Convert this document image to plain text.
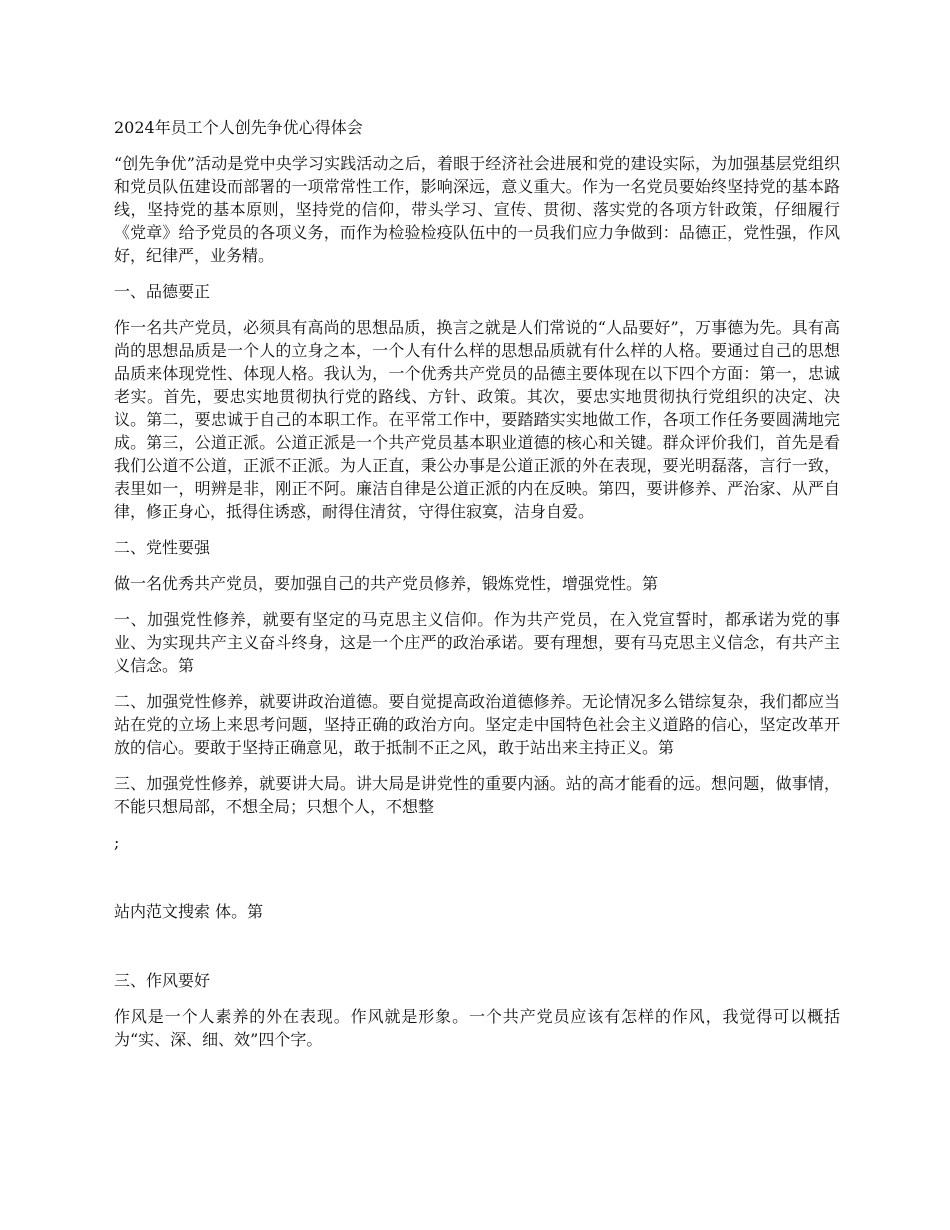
2024年员工个人创先争优心得体会

“创先争优”活动是党中央学习实践活动之后，着眼于经济社会进展和党的建设实际，为加强基层党组织和党员队伍建设而部署的一项常常性工作，影响深远，意义重大。作为一名党员要始终坚持党的基本路线，坚持党的基本原则，坚持党的信仰，带头学习、宣传、贯彻、落实党的各项方针政策，仔细履行《党章》给予党员的各项义务，而作为检验检疫队伍中的一员我们应力争做到：品德正，党性强，作风好，纪律严，业务精。

一、品德要正

作一名共产党员，必须具有高尚的思想品质，换言之就是人们常说的“人品要好”，万事德为先。具有高尚的思想品质是一个人的立身之本，一个人有什么样的思想品质就有什么样的人格。要通过自己的思想品质来体现党性、体现人格。我认为，一个优秀共产党员的品德主要体现在以下四个方面：第一，忠诚老实。首先，要忠实地贯彻执行党的路线、方针、政策。其次，要忠实地贯彻执行党组织的决定、决议。第二，要忠诚于自己的本职工作。在平常工作中，要踏踏实实地做工作，各项工作任务要圆满地完成。第三，公道正派。公道正派是一个共产党员基本职业道德的核心和关键。群众评价我们，首先是看我们公道不公道，正派不正派。为人正直，秉公办事是公道正派的外在表现，要光明磊落，言行一致，表里如一，明辨是非，刚正不阿。廉洁自律是公道正派的内在反映。第四，要讲修养、严治家、从严自律，修正身心，抵得住诱惑，耐得住清贫，守得住寂寞，洁身自爱。

二、党性要强

做一名优秀共产党员，要加强自己的共产党员修养，锻炼党性，增强党性。第

一、加强党性修养，就要有坚定的马克思主义信仰。作为共产党员，在入党宣誓时，都承诺为党的事业、为实现共产主义奋斗终身，这是一个庄严的政治承诺。要有理想，要有马克思主义信念，有共产主义信念。第

二、加强党性修养，就要讲政治道德。要自觉提高政治道德修养。无论情况多么错综复杂，我们都应当站在党的立场上来思考问题，坚持正确的政治方向。坚定走中国特色社会主义道路的信心，坚定改革开放的信心。要敢于坚持正确意见，敢于抵制不正之风，敢于站出来主持正义。第

三、加强党性修养，就要讲大局。讲大局是讲党性的重要内涵。站的高才能看的远。想问题，做事情，不能只想局部，不想全局；只想个人，不想整

;

站内范文搜索 体。第

三、作风要好

作风是一个人素养的外在表现。作风就是形象。一个共产党员应该有怎样的作风，我觉得可以概括为“实、深、细、效”四个字。
